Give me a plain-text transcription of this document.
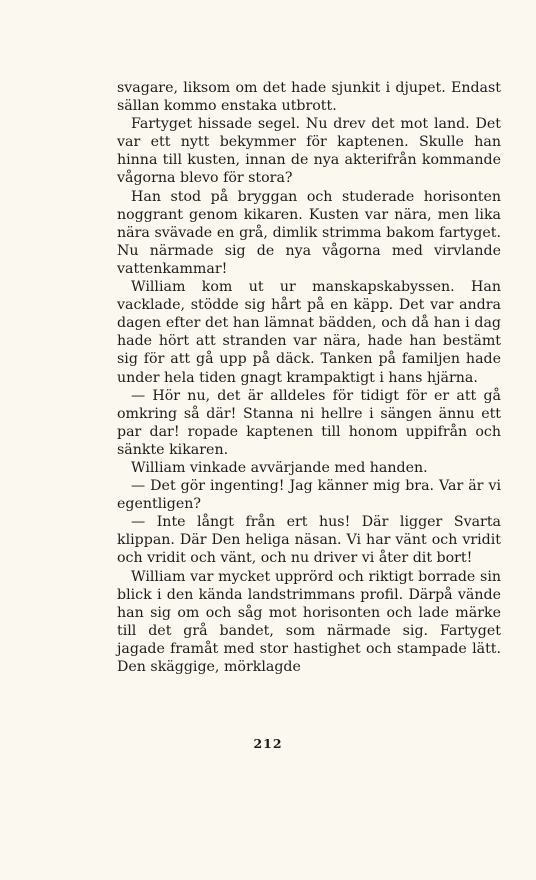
svagare, liksom om det hade sjunkit i djupet. Endast sällan kommo enstaka utbrott.

Fartyget hissade segel. Nu drev det mot land. Det var ett nytt bekymmer för kaptenen. Skulle han hinna till kusten, innan de nya akterifrån kommande vågorna blevo för stora?

Han stod på bryggan och studerade horisonten noggrant genom kikaren. Kusten var nära, men lika nära svävade en grå, dimlik strimma bakom fartyget. Nu närmade sig de nya vågorna med virvlande vattenkammar!

William kom ut ur manskapskabyssen. Han vacklade, stödde sig hårt på en käpp. Det var andra dagen efter det han lämnat bädden, och då han i dag hade hört att stranden var nära, hade han bestämt sig för att gå upp på däck. Tanken på familjen hade under hela tiden gnagt krampaktigt i hans hjärna.

— Hör nu, det är alldeles för tidigt för er att gå omkring så där! Stanna ni hellre i sängen ännu ett par dar! ropade kaptenen till honom uppifrån och sänkte kikaren.

William vinkade avvärjande med handen.

— Det gör ingenting! Jag känner mig bra. Var är vi egentligen?

— Inte långt från ert hus! Där ligger Svarta klippan. Där Den heliga näsan. Vi har vänt och vridit och vridit och vänt, och nu driver vi åter dit bort!

William var mycket upprörd och riktigt borrade sin blick i den kända landstrimmans profil. Därpå vände han sig om och såg mot horisonten och lade märke till det grå bandet, som närmade sig. Fartyget jagade framåt med stor hastighet och stampade lätt. Den skäggige, mörklagde

212
